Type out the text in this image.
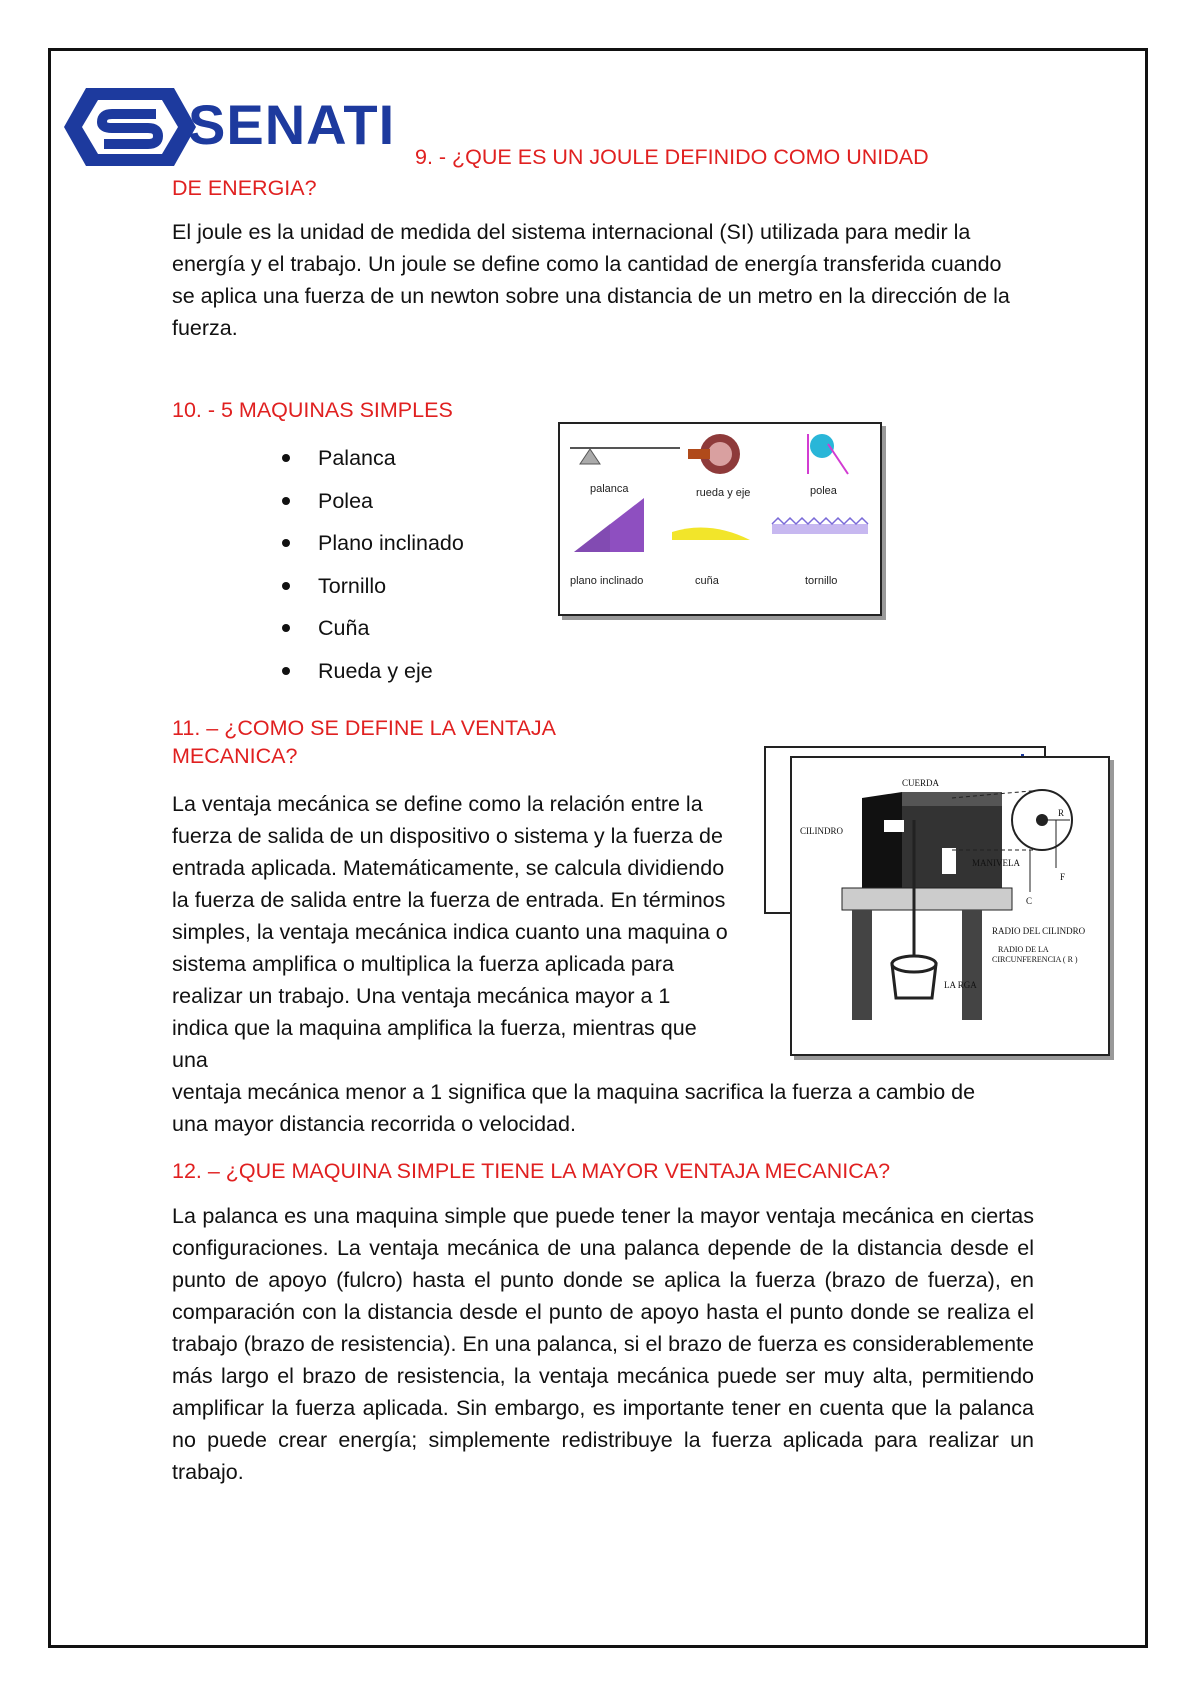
SENATI
9. - ¿QUE ES UN JOULE DEFINIDO COMO UNIDAD
DE ENERGIA?
El joule es la unidad de medida del sistema internacional (SI) utilizada para medir la energía y el trabajo. Un joule se define como la cantidad de energía transferida cuando se aplica una fuerza de un newton sobre una distancia de un metro en la dirección de la fuerza.
10. - 5 MAQUINAS SIMPLES
Palanca
Polea
Plano inclinado
Tornillo
Cuña
Rueda y eje
palanca	rueda y eje	polea
plano inclinado	cuña	tornillo
11. – ¿COMO SE DEFINE LA VENTAJA
MECANICA?
La ventaja mecánica se define como la relación entre la fuerza de salida de un dispositivo o sistema y la fuerza de entrada aplicada. Matemáticamente, se calcula dividiendo la fuerza de salida entre la fuerza de entrada. En términos simples, la ventaja mecánica indica cuanto una maquina o sistema amplifica o multiplica la fuerza aplicada para realizar un trabajo. Una ventaja mecánica mayor a 1 indica que la maquina amplifica la fuerza, mientras que una
ventaja mecánica menor a 1 significa que la maquina sacrifica la fuerza a cambio de una mayor distancia recorrida o velocidad.
CUERDA
CILINDRO
MANIVELA
R
F
C
RADIO DEL CILINDRO
RADIO DE LA
CIRCUNFERENCIA ( R )
LA RGA
12. – ¿QUE MAQUINA SIMPLE TIENE LA MAYOR VENTAJA MECANICA?
La palanca es una maquina simple que puede tener la mayor ventaja mecánica en ciertas configuraciones. La ventaja mecánica de una palanca depende de la distancia desde el punto de apoyo (fulcro) hasta el punto donde se aplica la fuerza (brazo de fuerza), en comparación con la distancia desde el punto de apoyo hasta el punto donde se realiza el trabajo (brazo de resistencia). En una palanca, si el brazo de fuerza es considerablemente más largo el brazo de resistencia, la ventaja mecánica puede ser muy alta, permitiendo amplificar la fuerza aplicada. Sin embargo, es importante tener en cuenta que la palanca no puede crear energía; simplemente redistribuye la fuerza aplicada para realizar un trabajo.
